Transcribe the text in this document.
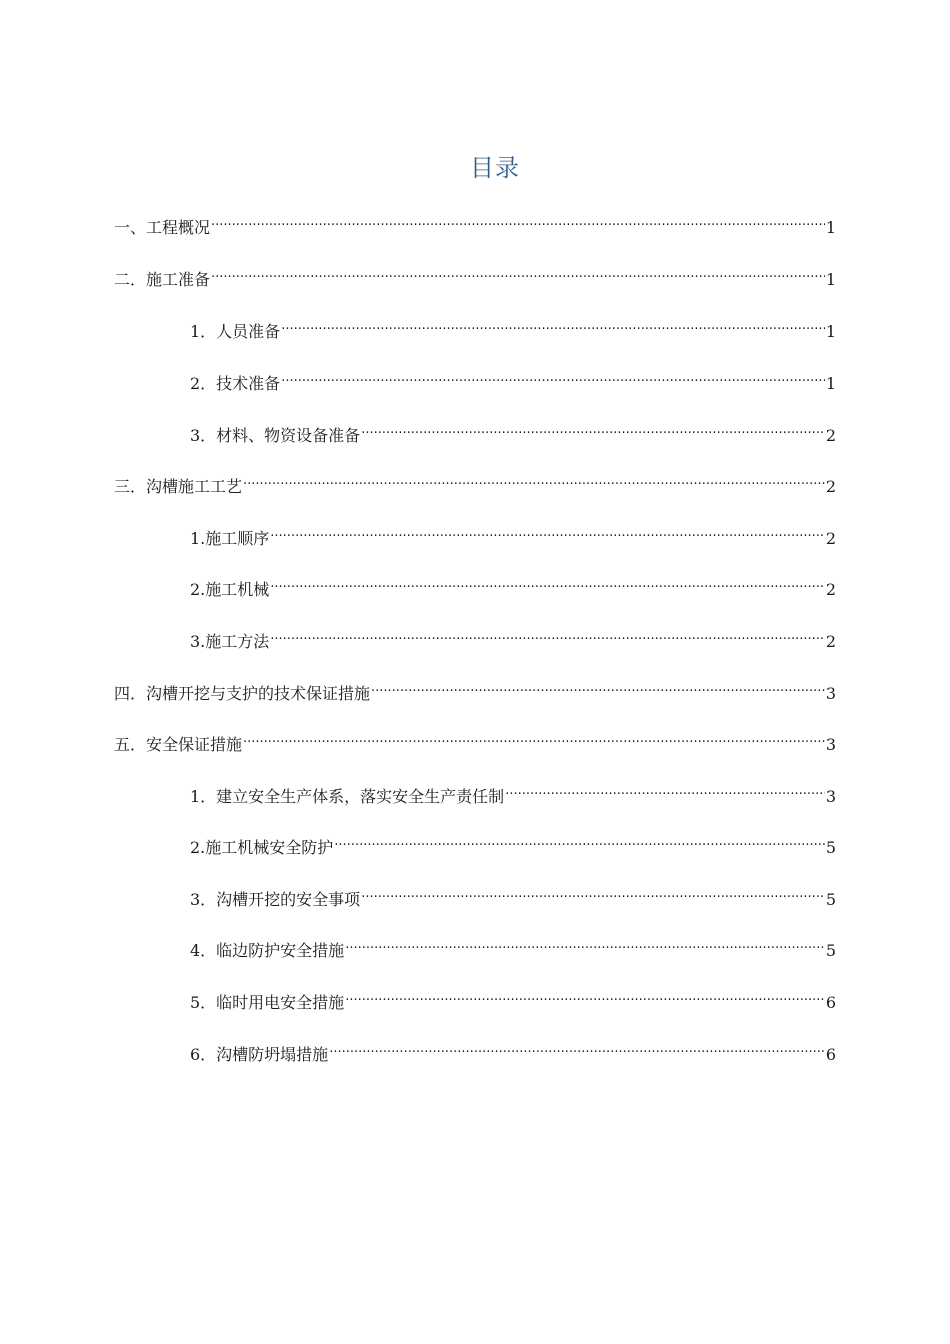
目录
一、工程概况 .....	1
二．施工准备 .....	1
1．人员准备 .....	1
2．技术准备 .....	1
3．材料、物资设备准备 .....	2
三．沟槽施工工艺 .....	2
1.施工顺序 .....	2
2.施工机械 .....	2
3.施工方法 .....	2
四．沟槽开挖与支护的技术保证措施 .....	3
五．安全保证措施 .....	3
1．建立安全生产体系，落实安全生产责任制 .....	3
2.施工机械安全防护 .....	5
3．沟槽开挖的安全事项 .....	5
4．临边防护安全措施 .....	5
5．临时用电安全措施 .....	6
6．沟槽防坍塌措施 .....	6
